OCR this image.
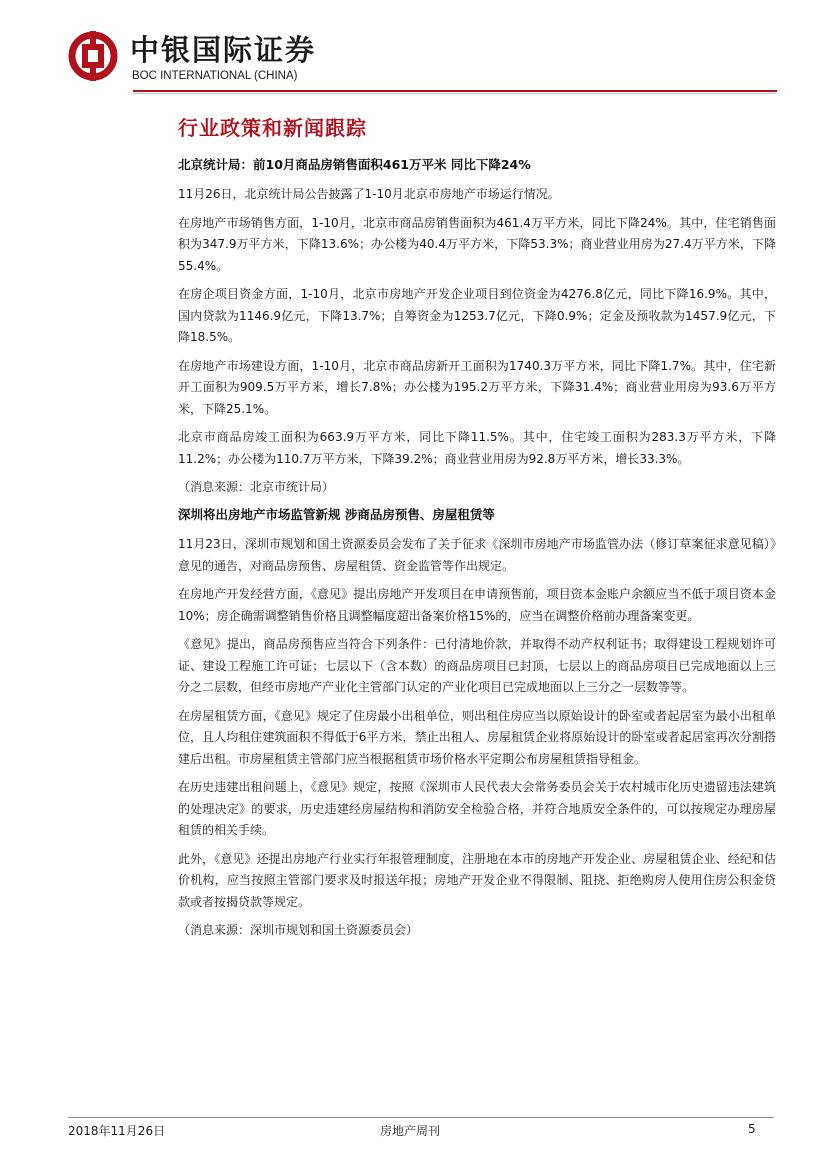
中银国际证券
BOC INTERNATIONAL (CHINA)
行业政策和新闻跟踪
北京统计局：前10月商品房销售面积461万平米 同比下降24%
11月26日，北京统计局公告披露了1-10月北京市房地产市场运行情况。
在房地产市场销售方面，1-10月，北京市商品房销售面积为461.4万平方米，同比下降24%。其中，住宅销售面积为347.9万平方米，下降13.6%；办公楼为40.4万平方米，下降53.3%；商业营业用房为27.4万平方米，下降55.4%。
在房企项目资金方面，1-10月，北京市房地产开发企业项目到位资金为4276.8亿元，同比下降16.9%。其中，国内贷款为1146.9亿元，下降13.7%；自筹资金为1253.7亿元，下降0.9%；定金及预收款为1457.9亿元，下降18.5%。
在房地产市场建设方面，1-10月，北京市商品房新开工面积为1740.3万平方米，同比下降1.7%。其中，住宅新开工面积为909.5万平方米，增长7.8%；办公楼为195.2万平方米，下降31.4%；商业营业用房为93.6万平方米，下降25.1%。
北京市商品房竣工面积为663.9万平方米，同比下降11.5%。其中，住宅竣工面积为283.3万平方米，下降11.2%；办公楼为110.7万平方米，下降39.2%；商业营业用房为92.8万平方米，增长33.3%。
（消息来源：北京市统计局）
深圳将出房地产市场监管新规 涉商品房预售、房屋租赁等
11月23日，深圳市规划和国土资源委员会发布了关于征求《深圳市房地产市场监管办法（修订草案征求意见稿）》意见的通告，对商品房预售、房屋租赁、资金监管等作出规定。
在房地产开发经营方面，《意见》提出房地产开发项目在申请预售前，项目资本金账户余额应当不低于项目资本金10%；房企确需调整销售价格且调整幅度超出备案价格15%的，应当在调整价格前办理备案变更。
《意见》提出，商品房预售应当符合下列条件：已付清地价款，并取得不动产权利证书；取得建设工程规划许可证、建设工程施工许可证；七层以下（含本数）的商品房项目已封顶，七层以上的商品房项目已完成地面以上三分之二层数，但经市房地产产业化主管部门认定的产业化项目已完成地面以上三分之一层数等等。
在房屋租赁方面，《意见》规定了住房最小出租单位，则出租住房应当以原始设计的卧室或者起居室为最小出租单位，且人均租住建筑面积不得低于6平方米，禁止出租人、房屋租赁企业将原始设计的卧室或者起居室再次分割搭建后出租。市房屋租赁主管部门应当根据租赁市场价格水平定期公布房屋租赁指导租金。
在历史违建出租问题上，《意见》规定，按照《深圳市人民代表大会常务委员会关于农村城市化历史遗留违法建筑的处理决定》的要求，历史违建经房屋结构和消防安全检验合格，并符合地质安全条件的，可以按规定办理房屋租赁的相关手续。
此外，《意见》还提出房地产行业实行年报管理制度，注册地在本市的房地产开发企业、房屋租赁企业、经纪和估价机构，应当按照主管部门要求及时报送年报；房地产开发企业不得限制、阻挠、拒绝购房人使用住房公积金贷款或者按揭贷款等规定。
（消息来源：深圳市规划和国土资源委员会）
2018年11月26日	房地产周刊	5
